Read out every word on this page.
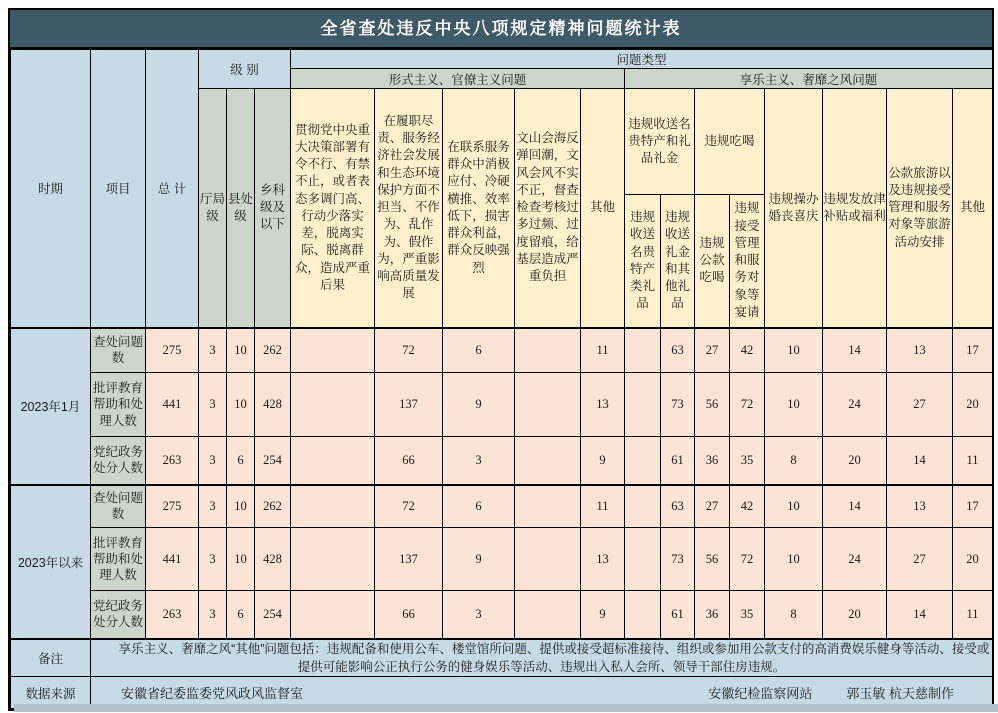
全省查处违反中央八项规定精神问题统计表
时期	项目	总 计	级 别			问题类型												
						形式主义、官僚主义问题					享乐主义、奢靡之风问题							
			厅局级	县处级	乡科级及以下	贯彻党中央重大决策部署有令不行、有禁不止，或者表态多调门高、行动少落实差，脱离实际、脱离群众，造成严重后果	在履职尽责、服务经济社会发展和生态环境保护方面不担当、不作为、乱作为、假作为，严重影响高质量发展	在联系服务群众中消极应付、冷硬横推、效率低下，损害群众利益，群众反映强烈	文山会海反弹回潮，文风会风不实不正，督查检查考核过多过频、过度留痕，给基层造成严重负担	其他	违规收送名贵特产和礼品礼金		违规吃喝		违规操办婚丧喜庆	违规发放津补贴或福利	公款旅游以及违规接受管理和服务对象等旅游活动安排	其他
											违规收送名贵特产类礼品	违规收送礼金和其他礼品	违规公款吃喝	违规接受管理和服务对象等宴请				
2023年1月	查处问题数	275	3	10	262		72	6		11		63	27	42	10	14	13	17
	批评教育帮助和处理人数	441	3	10	428		137	9		13		73	56	72	10	24	27	20
	党纪政务处分人数	263	3	6	254		66	3		9		61	36	35	8	20	14	11
2023年以来	查处问题数	275	3	10	262		72	6		11		63	27	42	10	14	13	17
	批评教育帮助和处理人数	441	3	10	428		137	9		13		73	56	72	10	24	27	20
	党纪政务处分人数	263	3	6	254		66	3		9		61	36	35	8	20	14	11
备注	享乐主义、奢靡之风“其他”问题包括：违规配备和使用公车、楼堂馆所问题、提供或接受超标准接待、组织或参加用公款支付的高消费娱乐健身等活动、接受或提供可能影响公正执行公务的健身娱乐等活动、违规出入私人会所、领导干部住房违规。																	

数据来源	安徽省纪委监委党风政风监督室 安徽纪检监察网站 郭玉敏 杭天慈制作																	
